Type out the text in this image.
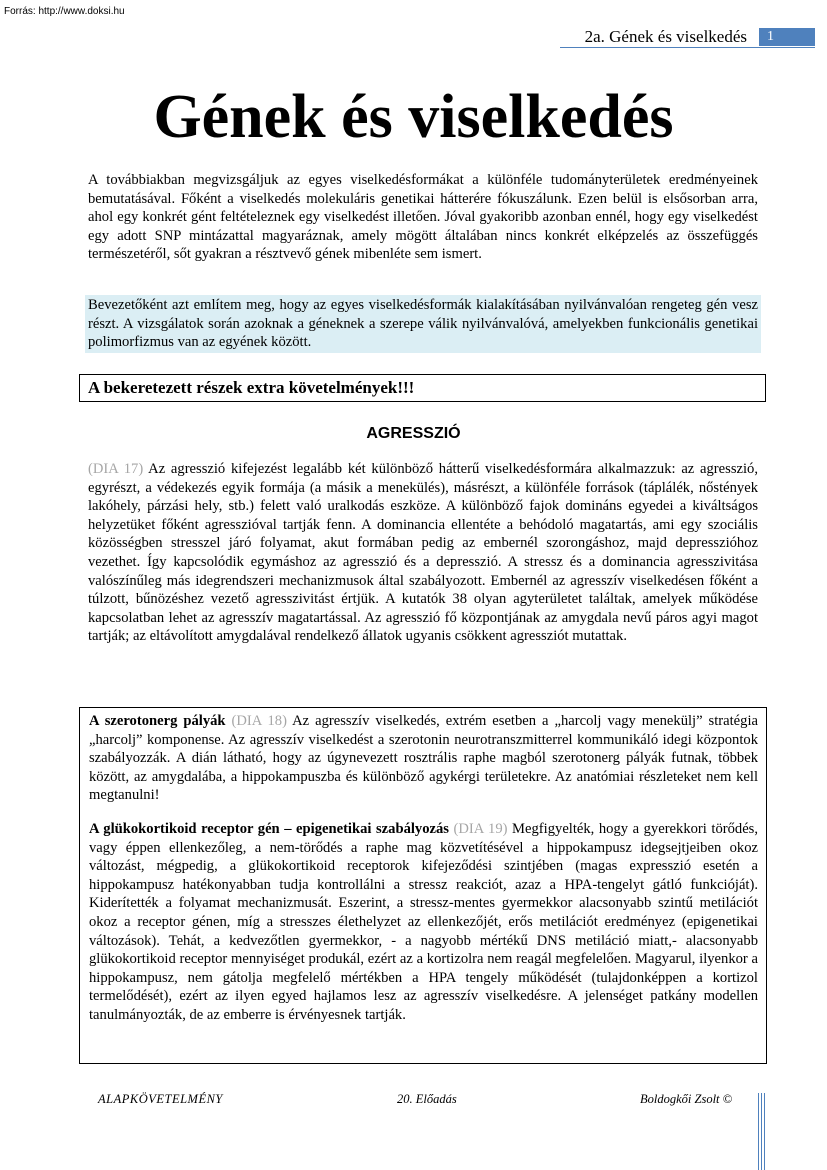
Forrás: http://www.doksi.hu
2a. Gének és viselkedés	1
Gének és viselkedés

A továbbiakban megvizsgáljuk az egyes viselkedésformákat a különféle tudományterületek eredményeinek bemutatásával. Főként a viselkedés molekuláris genetikai hátterére fókuszálunk. Ezen belül is elsősorban arra, ahol egy konkrét gént feltételeznek egy viselkedést illetően. Jóval gyakoribb azonban ennél, hogy egy viselkedést egy adott SNP mintázattal magyaráznak, amely mögött általában nincs konkrét elképzelés az összefüggés természetéről, sőt gyakran a résztvevő gének mibenléte sem ismert.

Bevezetőként azt említem meg, hogy az egyes viselkedésformák kialakításában nyilvánvalóan rengeteg gén vesz részt. A vizsgálatok során azoknak a géneknek a szerepe válik nyilvánvalóvá, amelyekben funkcionális genetikai polimorfizmus van az egyének között.

A bekeretezett részek extra követelmények!!!
AGRESSZIÓ

(DIA 17) Az agresszió kifejezést legalább két különböző hátterű viselkedésformára alkalmazzuk: az agresszió, egyrészt, a védekezés egyik formája (a másik a menekülés), másrészt, a különféle források (táplálék, nőstények lakóhely, párzási hely, stb.) felett való uralkodás eszköze. A különböző fajok domináns egyedei a kiváltságos helyzetüket főként agresszióval tartják fenn. A dominancia ellentéte a behódoló magatartás, ami egy szociális közösségben stresszel járó folyamat, akut formában pedig az embernél szorongáshoz, majd depresszióhoz vezethet. Így kapcsolódik egymáshoz az agresszió és a depresszió. A stressz és a dominancia agresszivitása valószínűleg más idegrendszeri mechanizmusok által szabályozott. Embernél az agresszív viselkedésen főként a túlzott, bűnözéshez vezető agresszivitást értjük. A kutatók 38 olyan agyterületet találtak, amelyek működése kapcsolatban lehet az agresszív magatartással. Az agresszió fő központjának az amygdala nevű páros agyi magot tartják; az eltávolított amygdalával rendelkező állatok ugyanis csökkent agressziót mutattak.

A szerotonerg pályák (DIA 18) Az agresszív viselkedés, extrém esetben a „harcolj vagy menekülj” stratégia „harcolj” komponense. Az agresszív viselkedést a szerotonin neurotranszmitterrel kommunikáló idegi központok szabályozzák. A dián látható, hogy az úgynevezett rosztrális raphe magból szerotonerg pályák futnak, többek között, az amygdalába, a hippokampuszba és különböző agykérgi területekre. Az anatómiai részleteket nem kell megtanulni!

A glükokortikoid receptor gén – epigenetikai szabályozás (DIA 19) Megfigyelték, hogy a gyerekkori törődés, vagy éppen ellenkezőleg, a nem-törődés a raphe mag közvetítésével a hippokampusz idegsejtjeiben okoz változást, mégpedig, a glükokortikoid receptorok kifejeződési szintjében (magas expresszió esetén a hippokampusz hatékonyabban tudja kontrollálni a stressz reakciót, azaz a HPA-tengelyt gátló funkcióját). Kiderítették a folyamat mechanizmusát. Eszerint, a stressz-mentes gyermekkor alacsonyabb szintű metilációt okoz a receptor génen, míg a stresszes élethelyzet az ellenkezőjét, erős metilációt eredményez (epigenetikai változások). Tehát, a kedvezőtlen gyermekkor, - a nagyobb mértékű DNS metiláció miatt,- alacsonyabb glükokortikoid receptor mennyiséget produkál, ezért az a kortizolra nem reagál megfelelően. Magyarul, ilyenkor a hippokampusz, nem gátolja megfelelő mértékben a HPA tengely működését (tulajdonképpen a kortizol termelődését), ezért az ilyen egyed hajlamos lesz az agresszív viselkedésre. A jelenséget patkány modellen tanulmányozták, de az emberre is érvényesnek tartják.

ALAPKÖVETELMÉNY	20. Előadás	Boldogkői Zsolt ©
